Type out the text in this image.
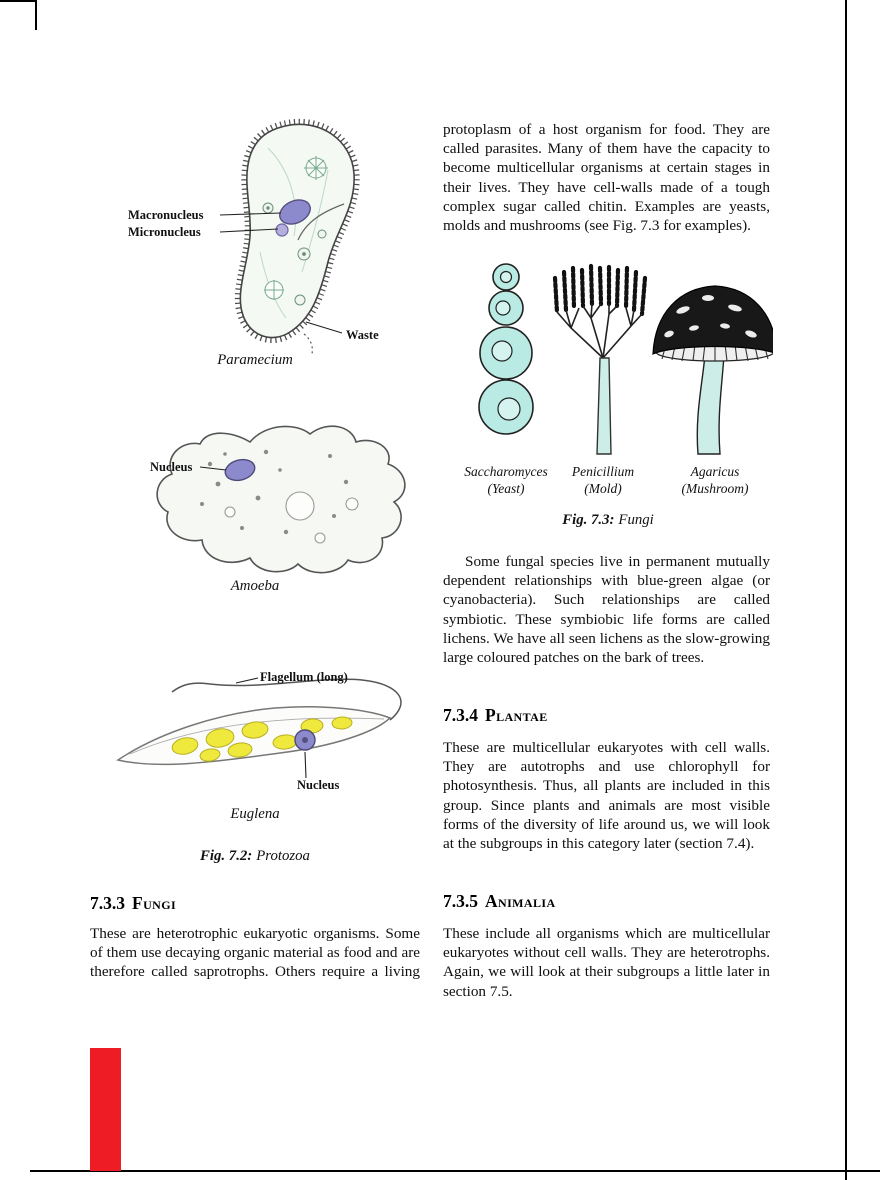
Macronucleus
Micronucleus
Waste
Paramecium
Nucleus
Amoeba
Flagellum (long)
Nucleus
Euglena
Fig. 7.2: Protozoa
7.3.3 Fungi

These are heterotrophic eukaryotic organisms. Some of them use decaying organic material as food and are therefore called saprotrophs. Others require a living

protoplasm of a host organism for food. They are called parasites. Many of them have the capacity to become multicellular organisms at certain stages in their lives. They have cell-walls made of a tough complex sugar called chitin. Examples are yeasts, molds and mushrooms (see Fig. 7.3 for examples).

Saccharomyces
(Yeast)
Penicillium
(Mold)
Agaricus
(Mushroom)
Fig. 7.3: Fungi

Some fungal species live in permanent mutually dependent relationships with blue-green algae (or cyanobacteria). Such relationships are called symbiotic. These symbiobic life forms are called lichens. We have all seen lichens as the slow-growing large coloured patches on the bark of trees.

7.3.4 Plantae

These are multicellular eukaryotes with cell walls. They are autotrophs and use chlorophyll for photosynthesis. Thus, all plants are included in this group. Since plants and animals are most visible forms of the diversity of life around us, we will look at the subgroups in this category later (section 7.4).

7.3.5 Animalia

These include all organisms which are multicellular eukaryotes without cell walls. They are heterotrophs. Again, we will look at their subgroups a little later in section 7.5.
